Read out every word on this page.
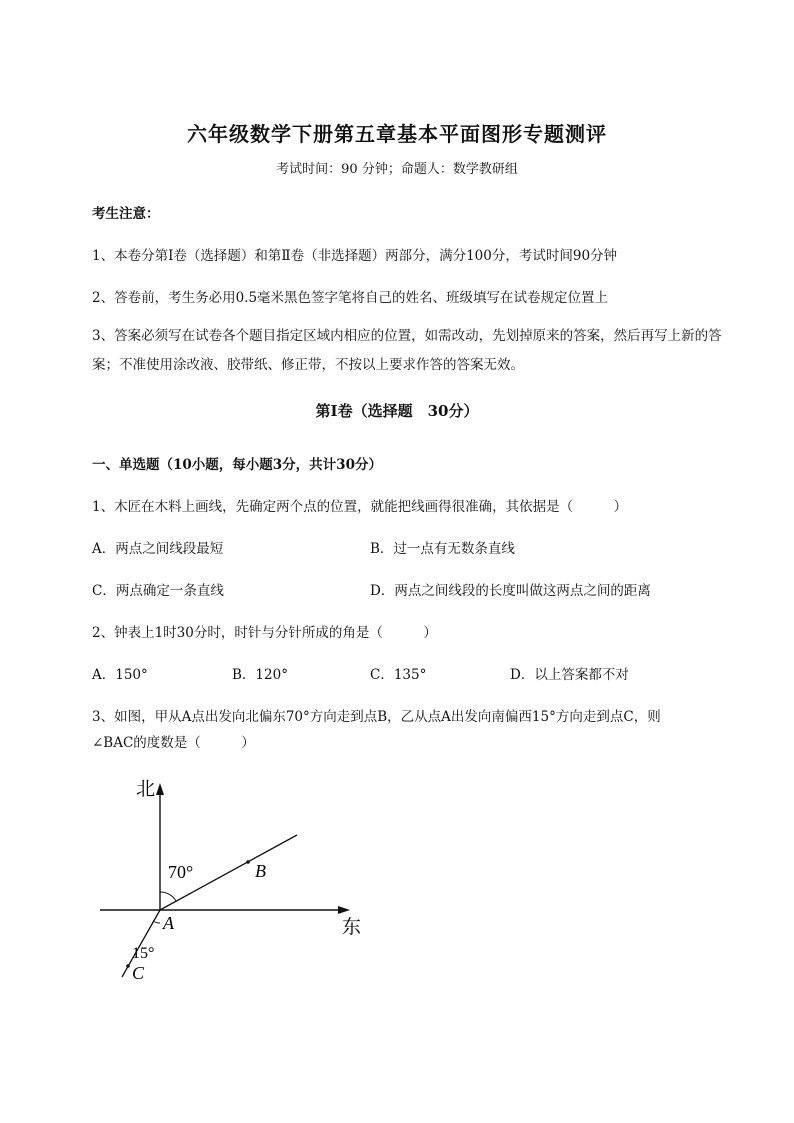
六年级数学下册第五章基本平面图形专题测评
考试时间：90 分钟；命题人：数学教研组
考生注意：
1、本卷分第Ⅰ卷（选择题）和第Ⅱ卷（非选择题）两部分，满分100分，考试时间90分钟
2、答卷前，考生务必用0.5毫米黑色签字笔将自己的姓名、班级填写在试卷规定位置上
3、答案必须写在试卷各个题目指定区域内相应的位置，如需改动，先划掉原来的答案，然后再写上新的答案；不准使用涂改液、胶带纸、修正带，不按以上要求作答的答案无效。
第Ⅰ卷（选择题　30分）
一、单选题（10小题，每小题3分，共计30分）
1、木匠在木料上画线，先确定两个点的位置，就能把线画得很准确，其依据是（　　　）
A．两点之间线段最短	B．过一点有无数条直线
C．两点确定一条直线	D．两点之间线段的长度叫做这两点之间的距离
2、钟表上1时30分时，时针与分针所成的角是（　　　）
A．150°	B．120°	C．135°	D．以上答案都不对
3、如图，甲从A点出发向北偏东70°方向走到点B，乙从点A出发向南偏西15°方向走到点C，则
∠BAC的度数是（　　　）
北
东
70°
15°
A
B
C
